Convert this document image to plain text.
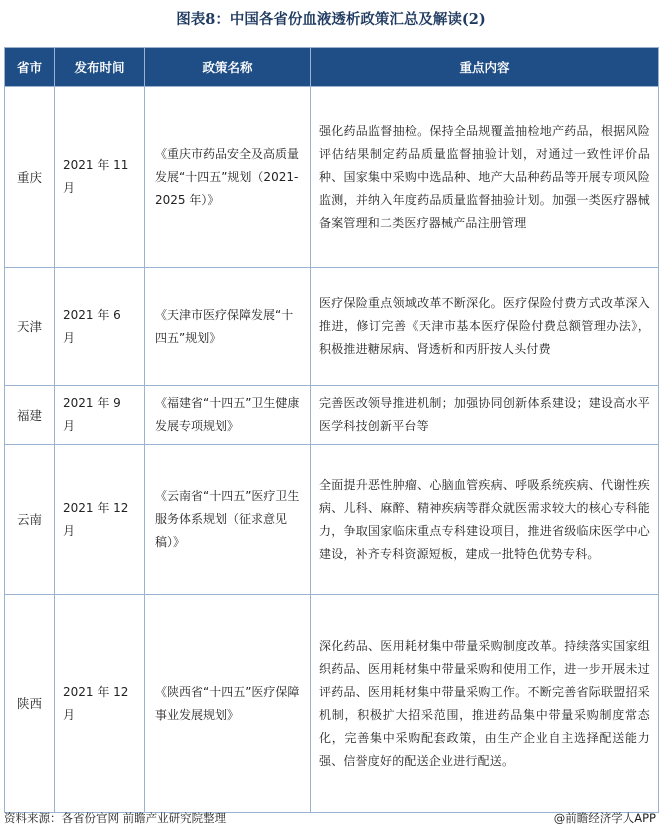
图表8：中国各省份血液透析政策汇总及解读(2)
省市	发布时间	政策名称	重点内容
重庆	2021 年 11 月	《重庆市药品安全及高质量发展“十四五”规划（2021-2025 年）》	强化药品监督抽检。保持全品规覆盖抽检地产药品，根据风险评估结果制定药品质量监督抽验计划，对通过一致性评价品种、国家集中采购中选品种、地产大品种药品等开展专项风险监测，并纳入年度药品质量监督抽验计划。加强一类医疗器械备案管理和二类医疗器械产品注册管理
天津	2021 年 6 月	《天津市医疗保障发展“十四五”规划》	医疗保险重点领域改革不断深化。医疗保险付费方式改革深入推进，修订完善《天津市基本医疗保险付费总额管理办法》，积极推进糖尿病、肾透析和丙肝按人头付费
福建	2021 年 9 月	《福建省“十四五”卫生健康发展专项规划》	完善医改领导推进机制；加强协同创新体系建设；建设高水平医学科技创新平台等
云南	2021 年 12 月	《云南省“十四五”医疗卫生服务体系规划（征求意见稿）》	全面提升恶性肿瘤、心脑血管疾病、呼吸系统疾病、代谢性疾病、儿科、麻醉、精神疾病等群众就医需求较大的核心专科能力，争取国家临床重点专科建设项目，推进省级临床医学中心建设，补齐专科资源短板，建成一批特色优势专科。
陕西	2021 年 12 月	《陕西省“十四五”医疗保障事业发展规划》	深化药品、医用耗材集中带量采购制度改革。持续落实国家组织药品、医用耗材集中带量采购和使用工作，进一步开展未过评药品、医用耗材集中带量采购工作。不断完善省际联盟招采机制，积极扩大招采范围，推进药品集中带量采购制度常态化，完善集中采购配套政策，由生产企业自主选择配送能力强、信誉度好的配送企业进行配送。
资料来源：各省份官网 前瞻产业研究院整理	@前瞻经济学人APP
